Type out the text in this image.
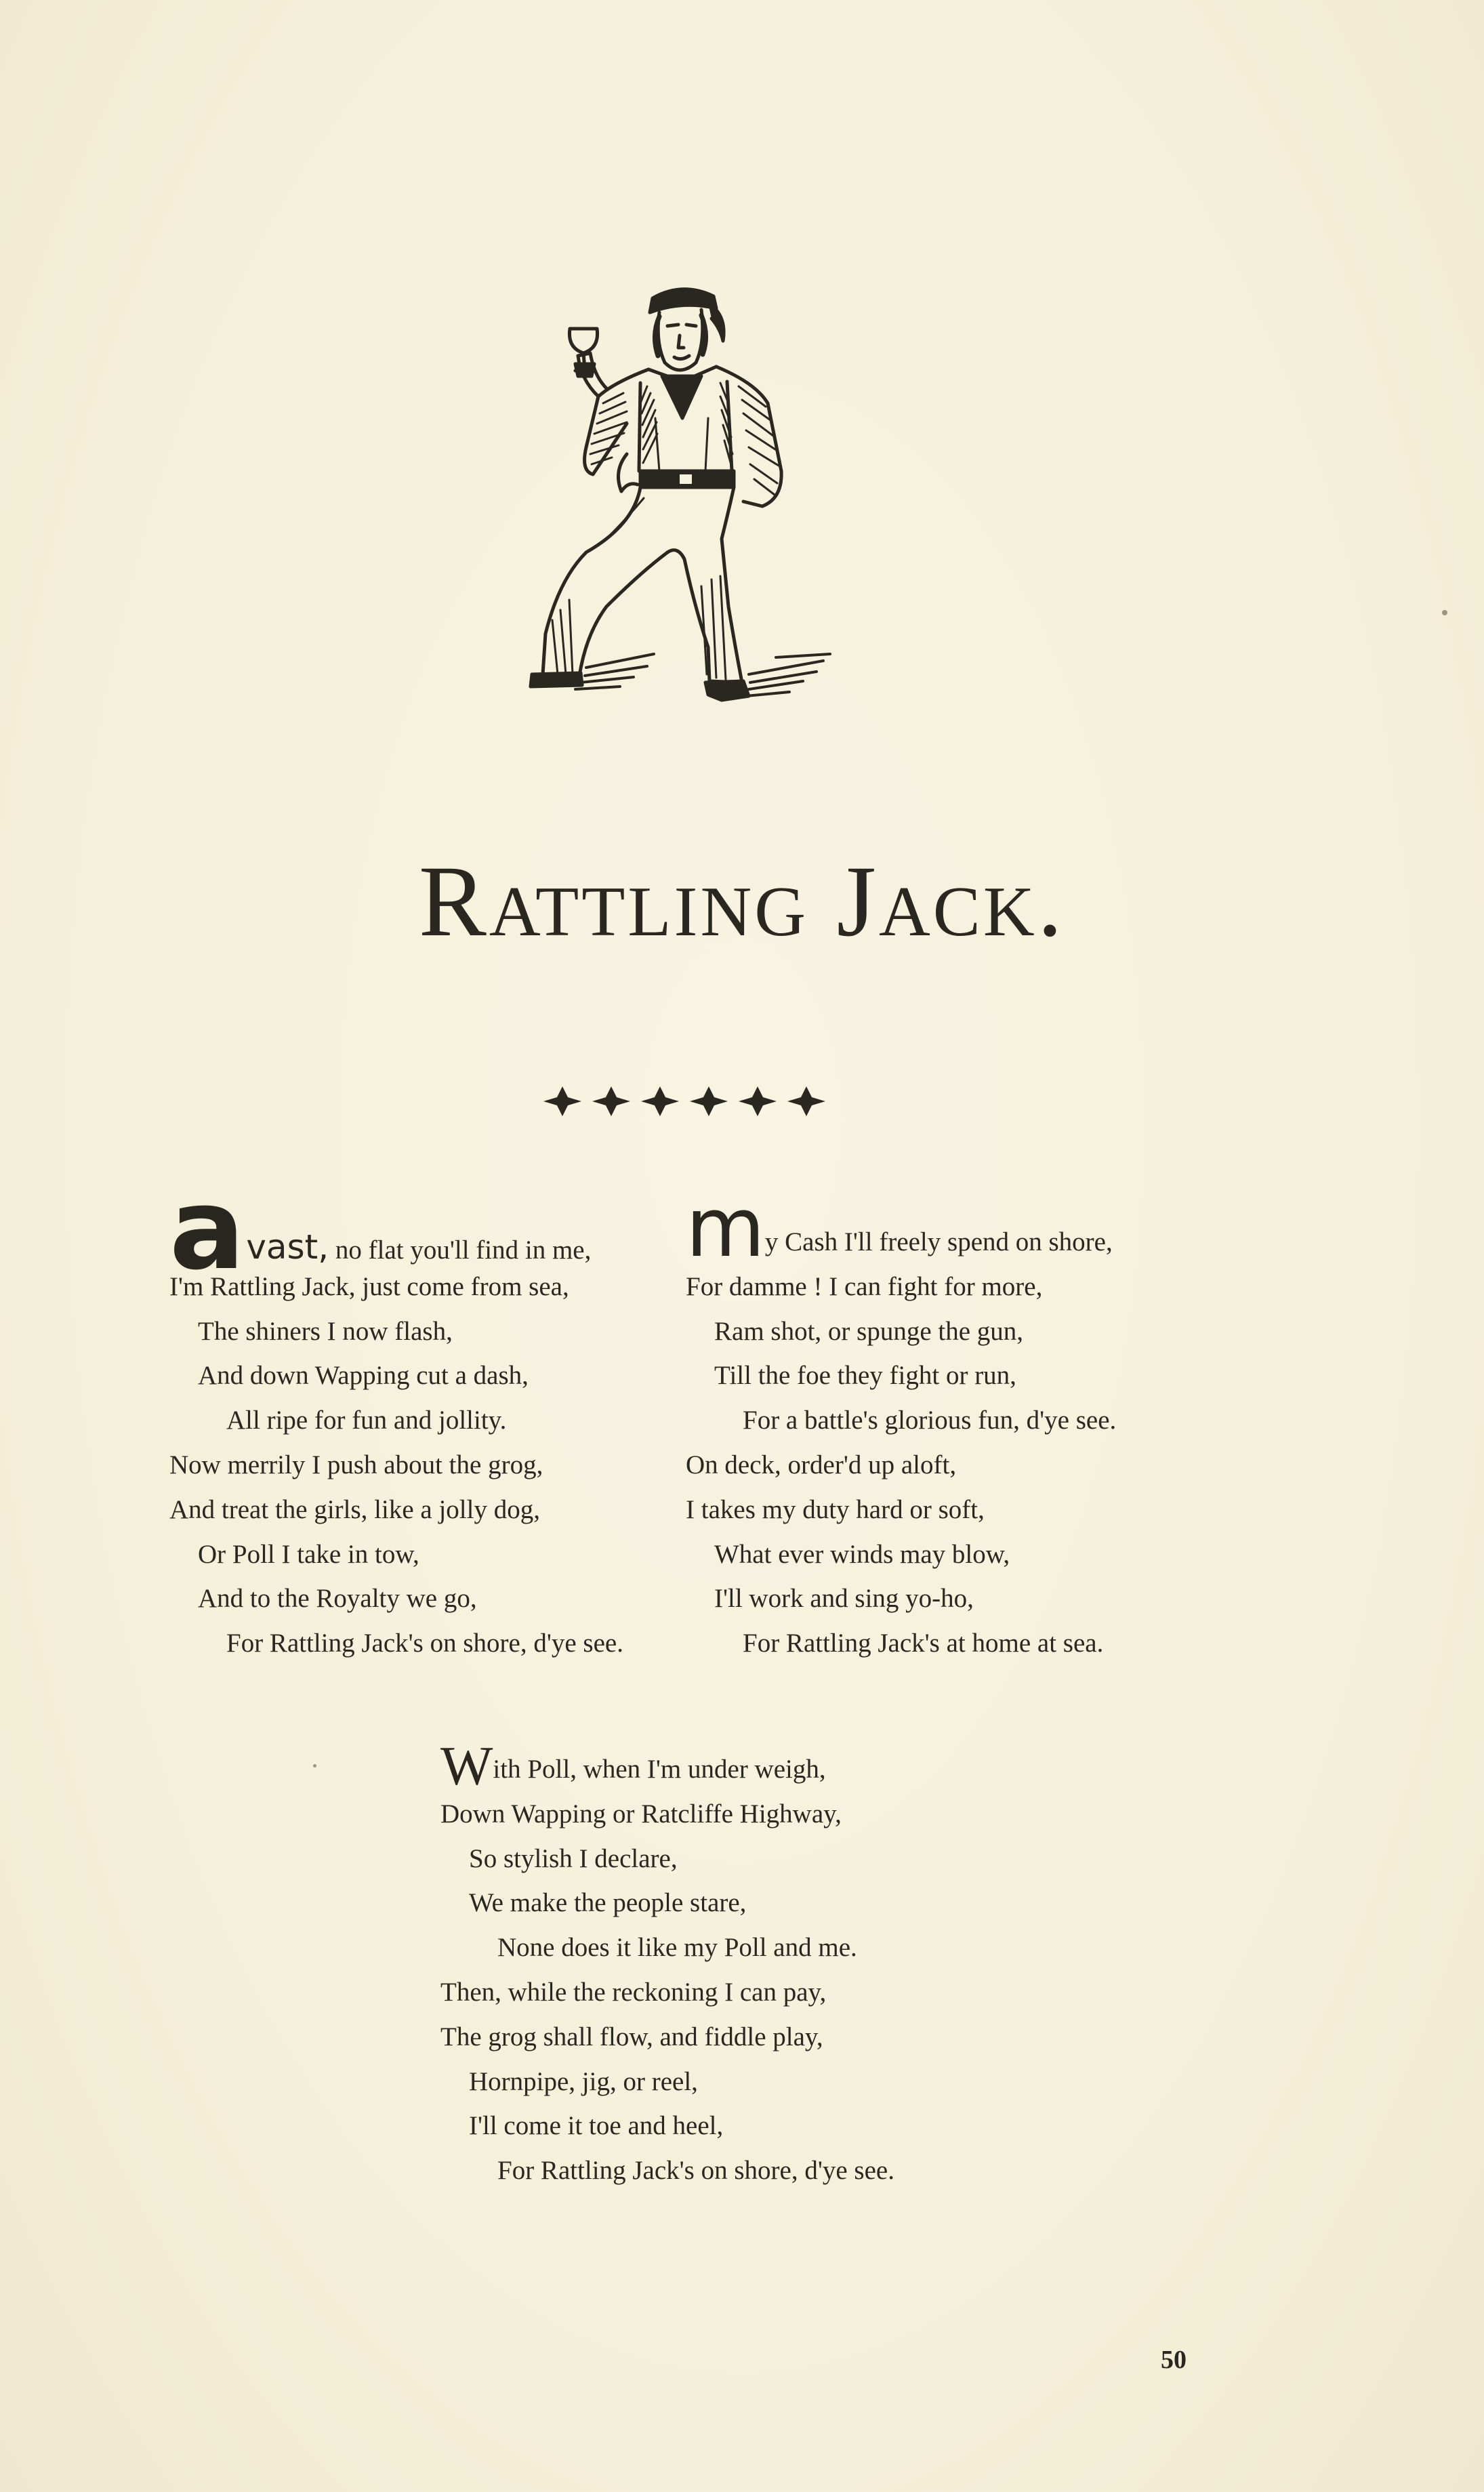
Rattling Jack.
avast, no flat you'll find in me,
I'm Rattling Jack, just come from sea,
The shiners I now flash,
And down Wapping cut a dash,
All ripe for fun and jollity.
Now merrily I push about the grog,
And treat the girls, like a jolly dog,
Or Poll I take in tow,
And to the Royalty we go,
For Rattling Jack's on shore, d'ye see.
my Cash I'll freely spend on shore,
For damme ! I can fight for more,
Ram shot, or spunge the gun,
Till the foe they fight or run,
For a battle's glorious fun, d'ye see.
On deck, order'd up aloft,
I takes my duty hard or soft,
What ever winds may blow,
I'll work and sing yo-ho,
For Rattling Jack's at home at sea.
With Poll, when I'm under weigh,
Down Wapping or Ratcliffe Highway,
So stylish I declare,
We make the people stare,
None does it like my Poll and me.
Then, while the reckoning I can pay,
The grog shall flow, and fiddle play,
Hornpipe, jig, or reel,
I'll come it toe and heel,
For Rattling Jack's on shore, d'ye see.
50
